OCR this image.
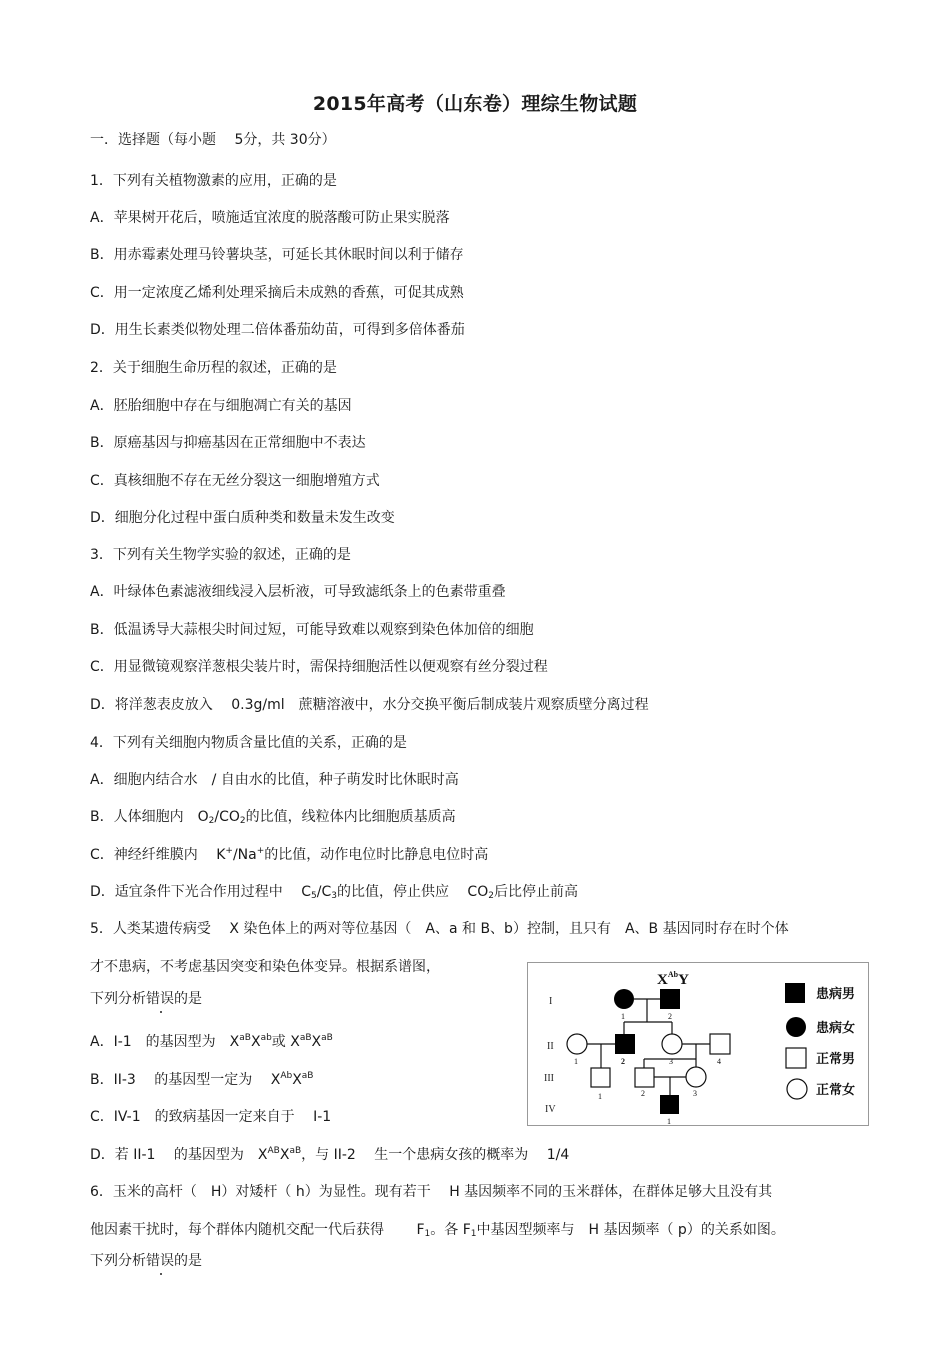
2015年高考（山东卷）理综生物试题
一．选择题（每小题  5分，共 30分）
1．下列有关植物激素的应用，正确的是
A．苹果树开花后，喷施适宜浓度的脱落酸可防止果实脱落
B．用赤霉素处理马铃薯块茎，可延长其休眠时间以利于储存
C．用一定浓度乙烯利处理采摘后未成熟的香蕉，可促其成熟
D．用生长素类似物处理二倍体番茄幼苗，可得到多倍体番茄
2．关于细胞生命历程的叙述，正确的是
A．胚胎细胞中存在与细胞凋亡有关的基因
B．原癌基因与抑癌基因在正常细胞中不表达
C．真核细胞不存在无丝分裂这一细胞增殖方式
D．细胞分化过程中蛋白质种类和数量未发生改变
3．下列有关生物学实验的叙述，正确的是
A．叶绿体色素滤液细线浸入层析液，可导致滤纸条上的色素带重叠
B．低温诱导大蒜根尖时间过短，可能导致难以观察到染色体加倍的细胞
C．用显微镜观察洋葱根尖装片时，需保持细胞活性以便观察有丝分裂过程
D．将洋葱表皮放入  0.3g/ml 蔗糖溶液中，水分交换平衡后制成装片观察质壁分离过程
4．下列有关细胞内物质含量比值的关系，正确的是
A．细胞内结合水 / 自由水的比值，种子萌发时比休眠时高
B．人体细胞内 $O_2/CO_2$的比值，线粒体内比细胞质基质高
C．神经纤维膜内  K+/Na+的比值，动作电位时比静息电位时高
D．适宜条件下光合作用过程中  $C_5/C_3$的比值，停止供应  $CO_2$后比停止前高
5．人类某遗传病受  X 染色体上的两对等位基因（ A、a 和 B、b）控制，且只有 A、B 基因同时存在时个体
才不患病，不考虑基因突变和染色体变异。根据系谱图，
下列分析错误
的是
A．I-1 的基因型为 $X^{aB}X^{ab}$或 $X^{aB}X^{aB}$
B．II-3  的基因型一定为  $X^{Ab}X^{aB}$
C．IV-1 的致病基因一定来自于  I-1
D．若 II-1  的基因型为 $X^{AB}X^{aB}$，与 II-2  生一个患病女孩的概率为  1/4
I
II
III
IV
$X^{Ab}Y$
1	2
1	2	3	4
1	2	3
1
患病男
患病女
正常男
正常女
6．玉米的高杆（ H）对矮杆（ h）为显性。现有若干  H 基因频率不同的玉米群体，在群体足够大且没有其
他因素干扰时，每个群体内随机交配一代后获得   $F_1$。各 $F_1$中基因型频率与 H 基因频率（ p）的关系如图。
下列分析错误
的是
